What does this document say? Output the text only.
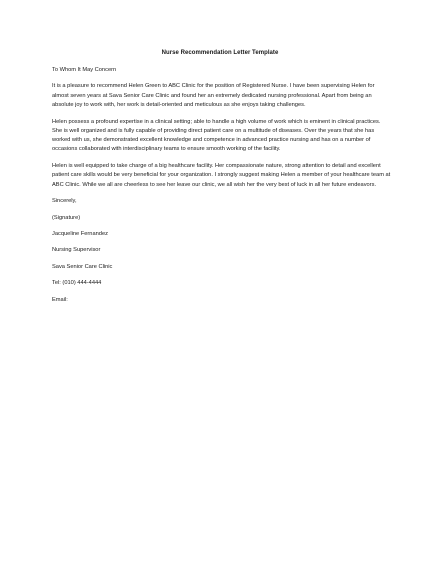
Nurse Recommendation Letter Template

To Whom It May Concern

It is a pleasure to recommend Helen Green to ABC Clinic for the position of Registered Nurse. I have been supervising Helen for almost seven years at Sava Senior Care Clinic and found her an extremely dedicated nursing professional. Apart from being an absolute joy to work with, her work is detail-oriented and meticulous as she enjoys taking challenges.

Helen possess a profound expertise in a clinical setting; able to handle a high volume of work which is eminent in clinical practices. She is well organized and is fully capable of providing direct patient care on a multitude of diseases. Over the years that she has worked with us, she demonstrated excellent knowledge and competence in advanced practice nursing and has on a number of occasions collaborated with interdisciplinary teams to ensure smooth working of the facility.

Helen is well equipped to take charge of a big healthcare facility. Her compassionate nature, strong attention to detail and excellent patient care skills would be very beneficial for your organization. I strongly suggest making Helen a member of your healthcare team at ABC Clinic. While we all are cheerless to see her leave our clinic, we all wish her the very best of luck in all her future endeavors.

Sincerely,

(Signature)

Jacqueline Fernandez

Nursing Supervisor

Sava Senior Care Clinic

Tel: (010) 444-4444

Email:
